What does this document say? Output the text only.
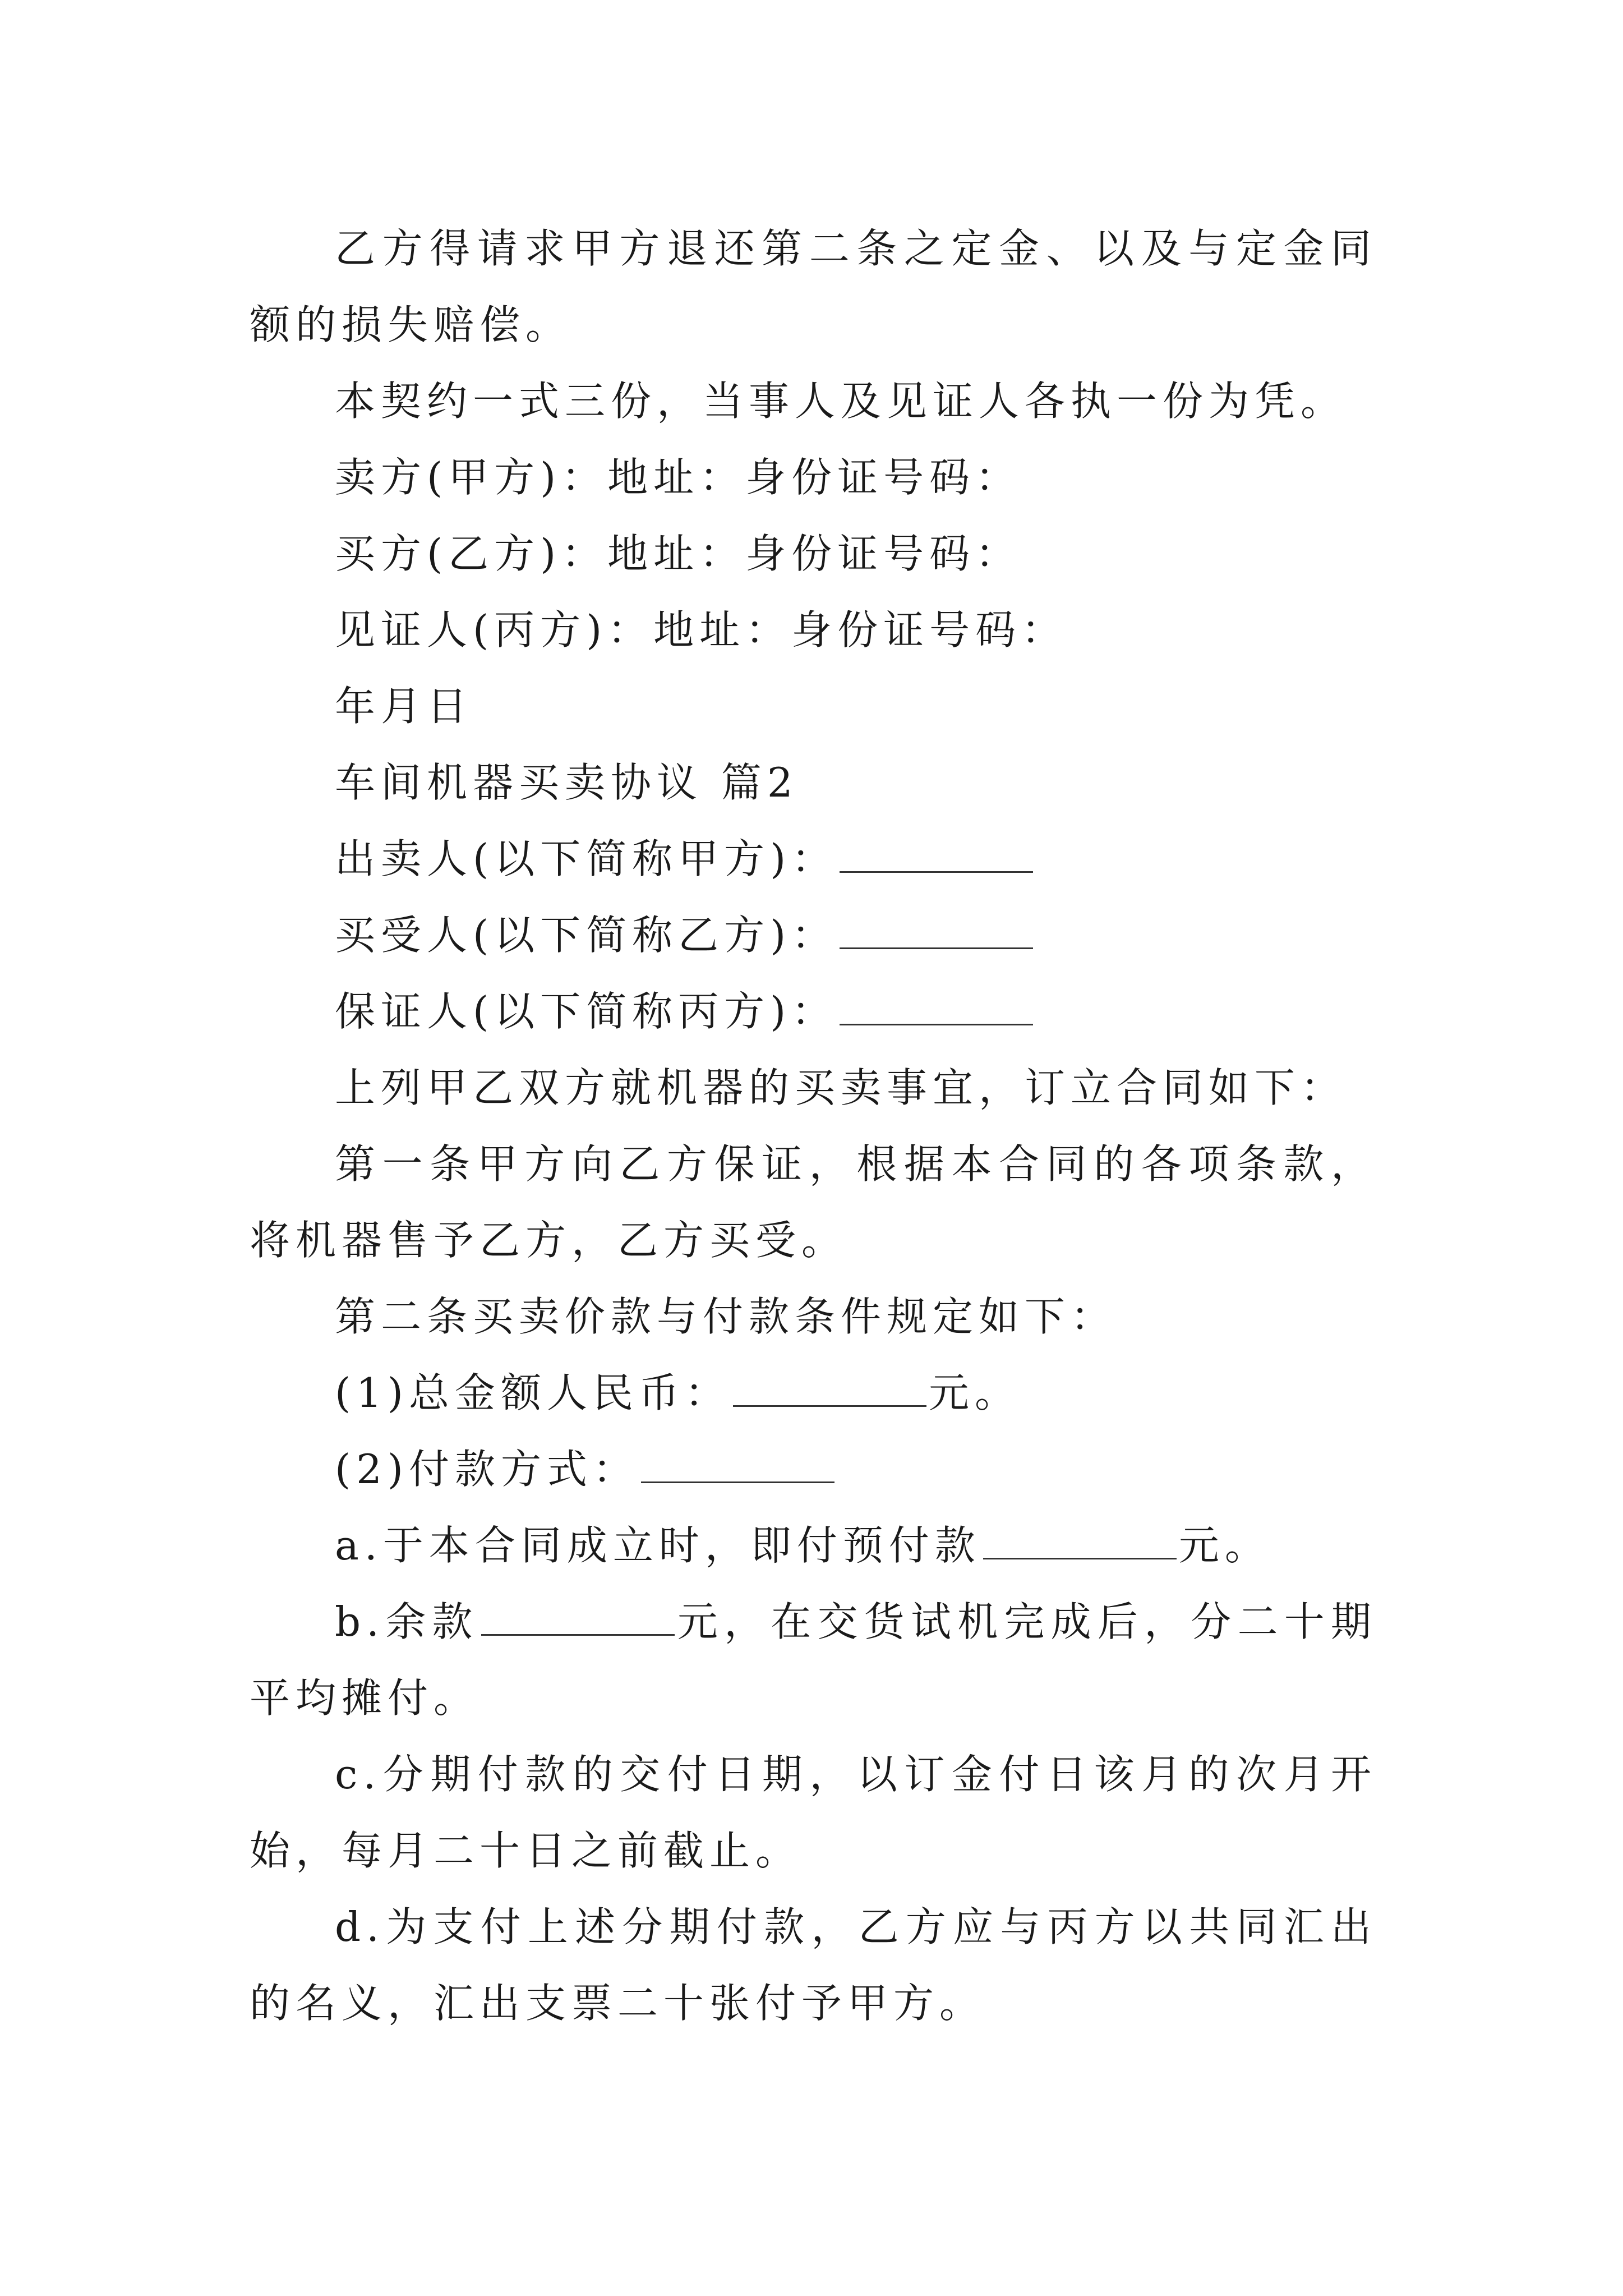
乙方得请求甲方退还第二条之定金、以及与定金同额的损失赔偿。

本契约一式三份，当事人及见证人各执一份为凭。

卖方(甲方)：地址：身份证号码：

买方(乙方)：地址：身份证号码：

见证人(丙方)：地址：身份证号码：

年月日

车间机器买卖协议 篇2

出卖人(以下简称甲方)：

买受人(以下简称乙方)：

保证人(以下简称丙方)：

上列甲乙双方就机器的买卖事宜，订立合同如下：

第一条甲方向乙方保证，根据本合同的各项条款，将机器售予乙方，乙方买受。

第二条买卖价款与付款条件规定如下：

(1)总金额人民币：	元。

(2)付款方式：

a.于本合同成立时，即付预付款	元。

b.余款	元，在交货试机完成后，分二十期平均摊付。

c.分期付款的交付日期，以订金付日该月的次月开始，每月二十日之前截止。

d.为支付上述分期付款，乙方应与丙方以共同汇出的名义，汇出支票二十张付予甲方。
